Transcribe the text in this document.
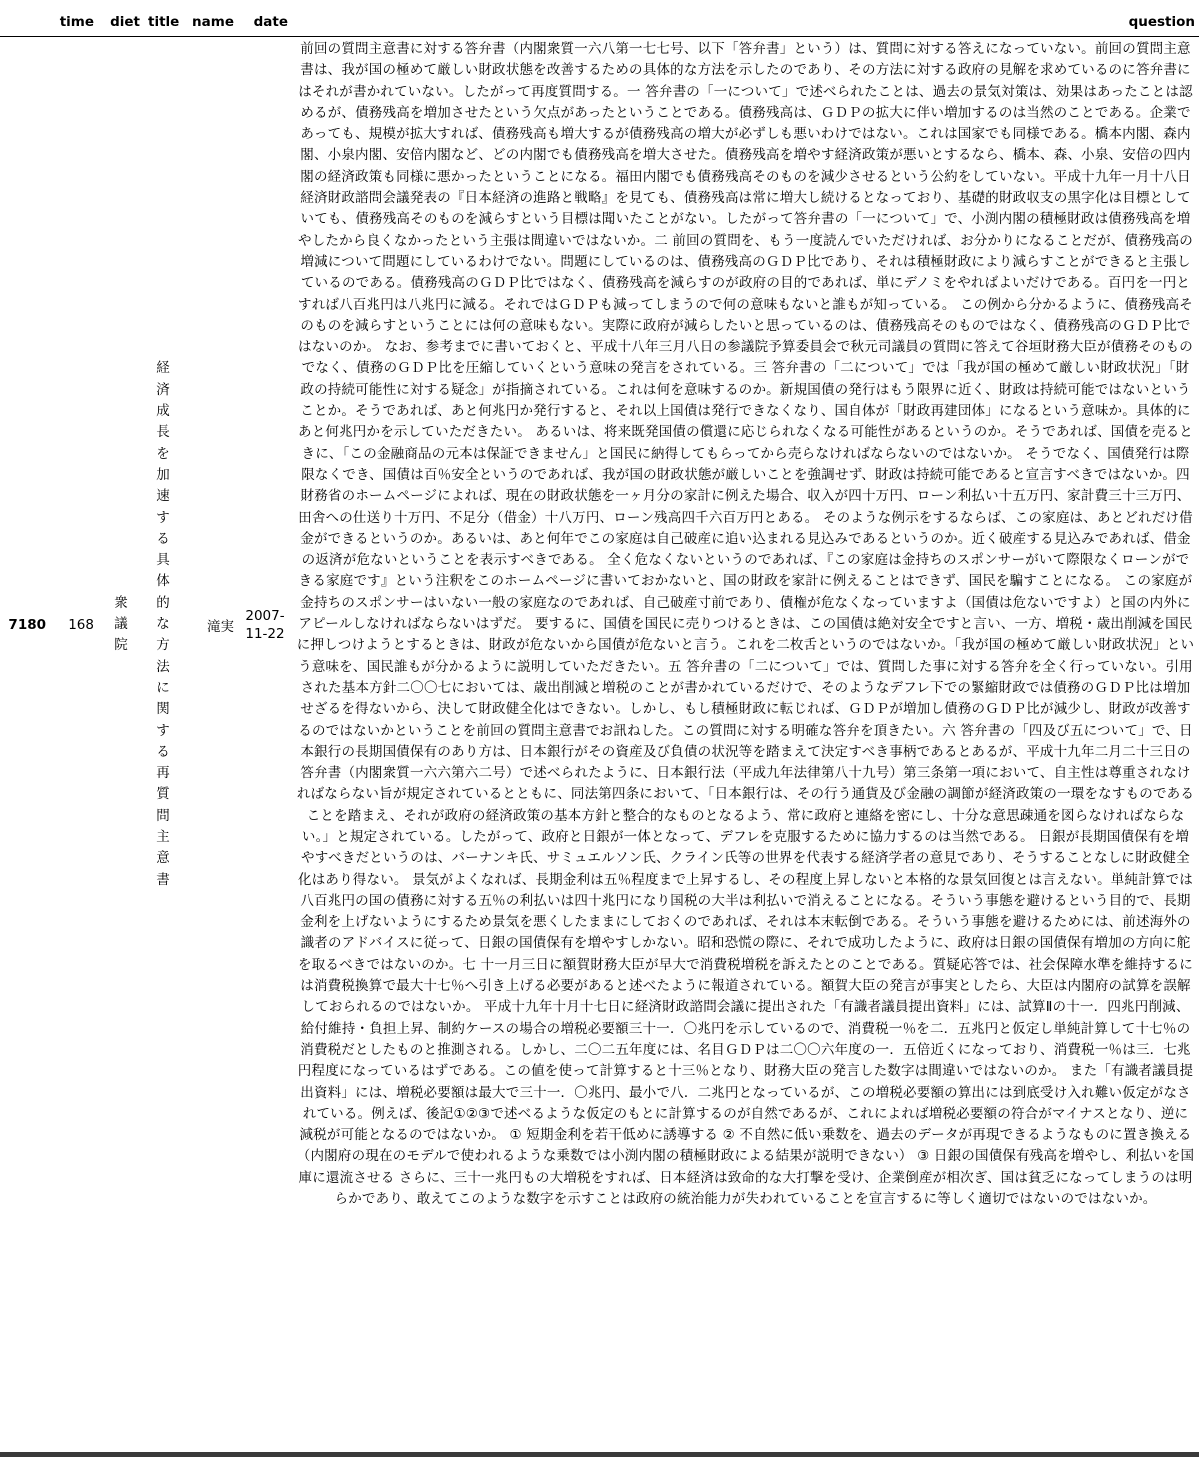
	time	diet	title	name	date	question
7180	168	衆議院	経済成長を加速する具体的な方法に関する再質問主意書	滝実	2007-11-22	前回の質問主意書に対する答弁書（内閣衆質一六八第一七七号、以下「答弁書」という）は、質問に対する答えになっていない。前回の質問主意書は、我が国の極めて厳しい財政状態を改善するための具体的な方法を示したのであり、その方法に対する政府の見解を求めているのに答弁書にはそれが書かれていない。したがって再度質問する。一 答弁書の「一について」で述べられたことは、過去の景気対策は、効果はあったことは認めるが、債務残高を増加させたという欠点があったということである。債務残高は、ＧＤＰの拡大に伴い増加するのは当然のことである。企業であっても、規模が拡大すれば、債務残高も増大するが債務残高の増大が必ずしも悪いわけではない。これは国家でも同様である。橋本内閣、森内閣、小泉内閣、安倍内閣など、どの内閣でも債務残高を増大させた。債務残高を増やす経済政策が悪いとするなら、橋本、森、小泉、安倍の四内閣の経済政策も同様に悪かったということになる。福田内閣でも債務残高そのものを減少させるという公約をしていない。平成十九年一月十八日経済財政諮問会議発表の『日本経済の進路と戦略』を見ても、債務残高は常に増大し続けるとなっており、基礎的財政収支の黒字化は目標としていても、債務残高そのものを減らすという目標は聞いたことがない。したがって答弁書の「一について」で、小渕内閣の積極財政は債務残高を増やしたから良くなかったという主張は間違いではないか。二 前回の質問を、もう一度読んでいただければ、お分かりになることだが、債務残高の増減について問題にしているわけでない。問題にしているのは、債務残高のＧＤＰ比であり、それは積極財政により減らすことができると主張しているのである。債務残高のＧＤＰ比ではなく、債務残高を減らすのが政府の目的であれば、単にデノミをやればよいだけである。百円を一円とすれば八百兆円は八兆円に減る。それではＧＤＰも減ってしまうので何の意味もないと誰もが知っている。 この例から分かるように、債務残高そのものを減らすということには何の意味もない。実際に政府が減らしたいと思っているのは、債務残高そのものではなく、債務残高のＧＤＰ比ではないのか。 なお、参考までに書いておくと、平成十八年三月八日の参議院予算委員会で秋元司議員の質問に答えて谷垣財務大臣が債務そのものでなく、債務のＧＤＰ比を圧縮していくという意味の発言をされている。三 答弁書の「二について」では「我が国の極めて厳しい財政状況」「財政の持続可能性に対する疑念」が指摘されている。これは何を意味するのか。新規国債の発行はもう限界に近く、財政は持続可能ではないということか。そうであれば、あと何兆円か発行すると、それ以上国債は発行できなくなり、国自体が「財政再建団体」になるという意味か。具体的にあと何兆円かを示していただきたい。 あるいは、将来既発国債の償還に応じられなくなる可能性があるというのか。そうであれば、国債を売るときに、「この金融商品の元本は保証できません」と国民に納得してもらってから売らなければならないのではないか。 そうでなく、国債発行は際限なくでき、国債は百％安全というのであれば、我が国の財政状態が厳しいことを強調せず、財政は持続可能であると宣言すべきではないか。四 財務省のホームページによれば、現在の財政状態を一ヶ月分の家計に例えた場合、収入が四十万円、ローン利払い十五万円、家計費三十三万円、田舎への仕送り十万円、不足分（借金）十八万円、ローン残高四千六百万円とある。 そのような例示をするならば、この家庭は、あとどれだけ借金ができるというのか。あるいは、あと何年でこの家庭は自己破産に追い込まれる見込みであるというのか。近く破産する見込みであれば、借金の返済が危ないということを表示すべきである。 全く危なくないというのであれば、『この家庭は金持ちのスポンサーがいて際限なくローンができる家庭です』という注釈をこのホームページに書いておかないと、国の財政を家計に例えることはできず、国民を騙すことになる。 この家庭が金持ちのスポンサーはいない一般の家庭なのであれば、自己破産寸前であり、債権が危なくなっていますよ（国債は危ないですよ）と国の内外にアピールしなければならないはずだ。 要するに、国債を国民に売りつけるときは、この国債は絶対安全ですと言い、一方、増税・歳出削減を国民に押しつけようとするときは、財政が危ないから国債が危ないと言う。これを二枚舌というのではないか。「我が国の極めて厳しい財政状況」という意味を、国民誰もが分かるように説明していただきたい。五 答弁書の「二について」では、質問した事に対する答弁を全く行っていない。引用された基本方針二〇〇七においては、歳出削減と増税のことが書かれているだけで、そのようなデフレ下での緊縮財政では債務のＧＤＰ比は増加せざるを得ないから、決して財政健全化はできない。しかし、もし積極財政に転じれば、ＧＤＰが増加し債務のＧＤＰ比が減少し、財政が改善するのではないかということを前回の質問主意書でお訊ねした。この質問に対する明確な答弁を頂きたい。六 答弁書の「四及び五について」で、日本銀行の長期国債保有のあり方は、日本銀行がその資産及び負債の状況等を踏まえて決定すべき事柄であるとあるが、平成十九年二月二十三日の答弁書（内閣衆質一六六第六二号）で述べられたように、日本銀行法（平成九年法律第八十九号）第三条第一項において、自主性は尊重されなければならない旨が規定されているとともに、同法第四条において、「日本銀行は、その行う通貨及び金融の調節が経済政策の一環をなすものであることを踏まえ、それが政府の経済政策の基本方針と整合的なものとなるよう、常に政府と連絡を密にし、十分な意思疎通を図らなければならない。」と規定されている。したがって、政府と日銀が一体となって、デフレを克服するために協力するのは当然である。 日銀が長期国債保有を増やすべきだというのは、バーナンキ氏、サミュエルソン氏、クライン氏等の世界を代表する経済学者の意見であり、そうすることなしに財政健全化はあり得ない。 景気がよくなれば、長期金利は五％程度まで上昇するし、その程度上昇しないと本格的な景気回復とは言えない。単純計算では八百兆円の国の債務に対する五％の利払いは四十兆円になり国税の大半は利払いで消えることになる。そういう事態を避けるという目的で、長期金利を上げないようにするため景気を悪くしたままにしておくのであれば、それは本末転倒である。そういう事態を避けるためには、前述海外の識者のアドバイスに従って、日銀の国債保有を増やすしかない。昭和恐慌の際に、それで成功したように、政府は日銀の国債保有増加の方向に舵を取るべきではないのか。七 十一月三日に額賀財務大臣が早大で消費税増税を訴えたとのことである。質疑応答では、社会保障水準を維持するには消費税換算で最大十七％へ引き上げる必要があると述べたように報道されている。額賀大臣の発言が事実としたら、大臣は内閣府の試算を誤解しておられるのではないか。 平成十九年十月十七日に経済財政諮問会議に提出された「有識者議員提出資料」には、試算Ⅱの十一．四兆円削減、給付維持・負担上昇、制約ケースの場合の増税必要額三十一．〇兆円を示しているので、消費税一％を二．五兆円と仮定し単純計算して十七％の消費税だとしたものと推測される。しかし、二〇二五年度には、名目ＧＤＰは二〇〇六年度の一．五倍近くになっており、消費税一％は三．七兆円程度になっているはずである。この値を使って計算すると十三％となり、財務大臣の発言した数字は間違いではないのか。 また「有識者議員提出資料」には、増税必要額は最大で三十一．〇兆円、最小で八．二兆円となっているが、この増税必要額の算出には到底受け入れ難い仮定がなされている。例えば、後記①②③で述べるような仮定のもとに計算するのが自然であるが、これによれば増税必要額の符合がマイナスとなり、逆に減税が可能となるのではないか。 ① 短期金利を若干低めに誘導する ② 不自然に低い乗数を、過去のデータが再現できるようなものに置き換える（内閣府の現在のモデルで使われるような乗数では小渕内閣の積極財政による結果が説明できない） ③ 日銀の国債保有残高を増やし、利払いを国庫に還流させる さらに、三十一兆円もの大増税をすれば、日本経済は致命的な大打撃を受け、企業倒産が相次ぎ、国は貧乏になってしまうのは明らかであり、敢えてこのような数字を示すことは政府の統治能力が失われていることを宣言するに等しく適切ではないのではないか。
